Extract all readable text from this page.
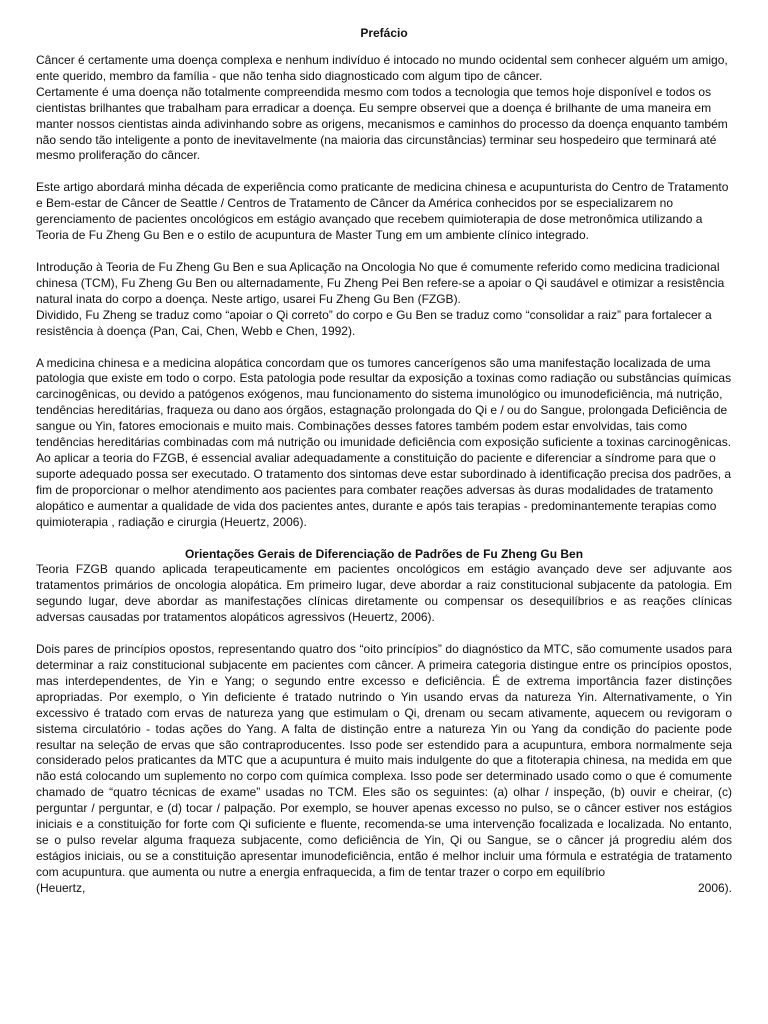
Prefácio

Câncer é certamente uma doença complexa e nenhum indivíduo é intocado no mundo ocidental sem conhecer alguém um amigo, ente querido, membro da família - que não tenha sido diagnosticado com algum tipo de câncer.

Certamente é uma doença não totalmente compreendida mesmo com todos a tecnologia que temos hoje disponível e todos os cientistas brilhantes que trabalham para erradicar a doença. Eu sempre observei que a doença é brilhante de uma maneira em manter nossos cientistas ainda adivinhando sobre as origens, mecanismos e caminhos do processo da doença enquanto também não sendo tão inteligente a ponto de inevitavelmente (na maioria das circunstâncias) terminar seu hospedeiro que terminará até mesmo proliferação do câncer.

Este artigo abordará minha década de experiência como praticante de medicina chinesa e acupunturista do Centro de Tratamento e Bem-estar de Câncer de Seattle / Centros de Tratamento de Câncer da América conhecidos por se especializarem no gerenciamento de pacientes oncológicos em estágio avançado que recebem quimioterapia de dose metronômica utilizando a Teoria de Fu Zheng Gu Ben e o estilo de acupuntura de Master Tung em um ambiente clínico integrado.

Introdução à Teoria de Fu Zheng Gu Ben e sua Aplicação na Oncologia No que é comumente referido como medicina tradicional chinesa (TCM), Fu Zheng Gu Ben ou alternadamente, Fu Zheng Pei Ben refere-se a apoiar o Qi saudável e otimizar a resistência natural inata do corpo a doença. Neste artigo, usarei Fu Zheng Gu Ben (FZGB).

Dividido, Fu Zheng se traduz como “apoiar o Qi correto” do corpo e Gu Ben se traduz como “consolidar a raiz” para fortalecer a resistência à doença (Pan, Cai, Chen, Webb e Chen, 1992).

A medicina chinesa e a medicina alopática concordam que os tumores cancerígenos são uma manifestação localizada de uma patologia que existe em todo o corpo. Esta patologia pode resultar da exposição a toxinas como radiação ou substâncias químicas carcinogênicas, ou devido a patógenos exógenos, mau funcionamento do sistema imunológico ou imunodeficiência, má nutrição, tendências hereditárias, fraqueza ou dano aos órgãos, estagnação prolongada do Qi e / ou do Sangue, prolongada Deficiência de sangue ou Yin, fatores emocionais e muito mais. Combinações desses fatores também podem estar envolvidas, tais como tendências hereditárias combinadas com má nutrição ou imunidade deficiência com exposição suficiente a toxinas carcinogênicas.

Ao aplicar a teoria do FZGB, é essencial avaliar adequadamente a constituição do paciente e diferenciar a síndrome para que o suporte adequado possa ser executado. O tratamento dos sintomas deve estar subordinado à identificação precisa dos padrões, a fim de proporcionar o melhor atendimento aos pacientes para combater reações adversas às duras modalidades de tratamento alopático e aumentar a qualidade de vida dos pacientes antes, durante e após tais terapias - predominantemente terapias como quimioterapia , radiação e cirurgia (Heuertz, 2006).

Orientações Gerais de Diferenciação de Padrões de Fu Zheng Gu Ben

Teoria FZGB quando aplicada terapeuticamente em pacientes oncológicos em estágio avançado deve ser adjuvante aos tratamentos primários de oncologia alopática. Em primeiro lugar, deve abordar a raiz constitucional subjacente da patologia. Em segundo lugar, deve abordar as manifestações clínicas diretamente ou compensar os desequilíbrios e as reações clínicas adversas causadas por tratamentos alopáticos agressivos (Heuertz, 2006).

Dois pares de princípios opostos, representando quatro dos “oito princípios” do diagnóstico da MTC, são comumente usados para determinar a raiz constitucional subjacente em pacientes com câncer. A primeira categoria distingue entre os princípios opostos, mas interdependentes, de Yin e Yang; o segundo entre excesso e deficiência. É de extrema importância fazer distinções apropriadas. Por exemplo, o Yin deficiente é tratado nutrindo o Yin usando ervas da natureza Yin. Alternativamente, o Yin excessivo é tratado com ervas de natureza yang que estimulam o Qi, drenam ou secam ativamente, aquecem ou revigoram o sistema circulatório - todas ações do Yang. A falta de distinção entre a natureza Yin ou Yang da condição do paciente pode resultar na seleção de ervas que são contraproducentes. Isso pode ser estendido para a acupuntura, embora normalmente seja considerado pelos praticantes da MTC que a acupuntura é muito mais indulgente do que a fitoterapia chinesa, na medida em que não está colocando um suplemento no corpo com química complexa. Isso pode ser determinado usado como o que é comumente chamado de “quatro técnicas de exame” usadas no TCM. Eles são os seguintes: (a) olhar / inspeção, (b) ouvir e cheirar, (c) perguntar / perguntar, e (d) tocar / palpação. Por exemplo, se houver apenas excesso no pulso, se o câncer estiver nos estágios iniciais e a constituição for forte com Qi suficiente e fluente, recomenda-se uma intervenção focalizada e localizada. No entanto, se o pulso revelar alguma fraqueza subjacente, como deficiência de Yin, Qi ou Sangue, se o câncer já progrediu além dos estágios iniciais, ou se a constituição apresentar imunodeficiência, então é melhor incluir uma fórmula e estratégia de tratamento com acupuntura. que aumenta ou nutre a energia enfraquecida, a fim de tentar trazer o corpo em equilíbrio

(Heuertz,	2006).
